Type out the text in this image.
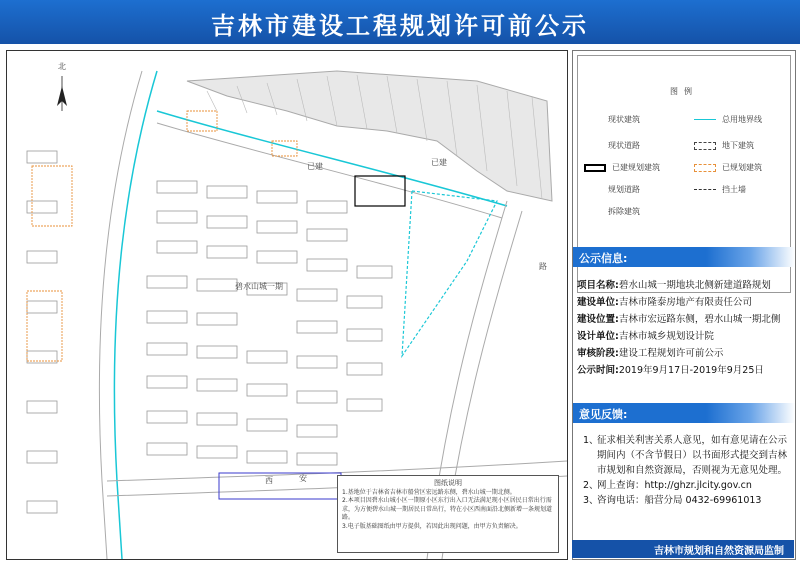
吉林市建设工程规划许可前公示
北
碧水山城一期
已建	已建
路
西	安	图纸说明
1.基地位于吉林省吉林市船营区宏远路东侧，碧水山城一期北侧。
2.本项目因碧水山城小区一期原小区东行出入口无法满足现小区居民日常出行需求，为方便碧水山城一期居民日常出行，特在小区西南面沿北侧新增一条规划道路。
3.电子版基础图纸由甲方提供，若因此出现问题，由甲方负责解决。
图例
现状建筑	总用地界线
现状道路	地下建筑
已建规划建筑	已规划建筑
规划道路	挡土墙
拆除建筑
公示信息:
项目名称:碧水山城一期地块北侧新建道路规划
建设单位:吉林市隆泰房地产有限责任公司
建设位置:吉林市宏远路东侧，碧水山城一期北侧
设计单位:吉林市城乡规划设计院
审核阶段:建设工程规划许可前公示
公示时间:2019年9月17日-2019年9月25日
意见反馈:
1、
征求相关利害关系人意见，如有意见请在公示期间内（不含节假日）以书面形式提交到吉林市规划和自然资源局，否则视为无意见处理。
2、
网上查询：http://ghzr.jlcity.gov.cn
3、
咨询电话：船营分局 0432-69961013
吉林市规划和自然资源局监制
